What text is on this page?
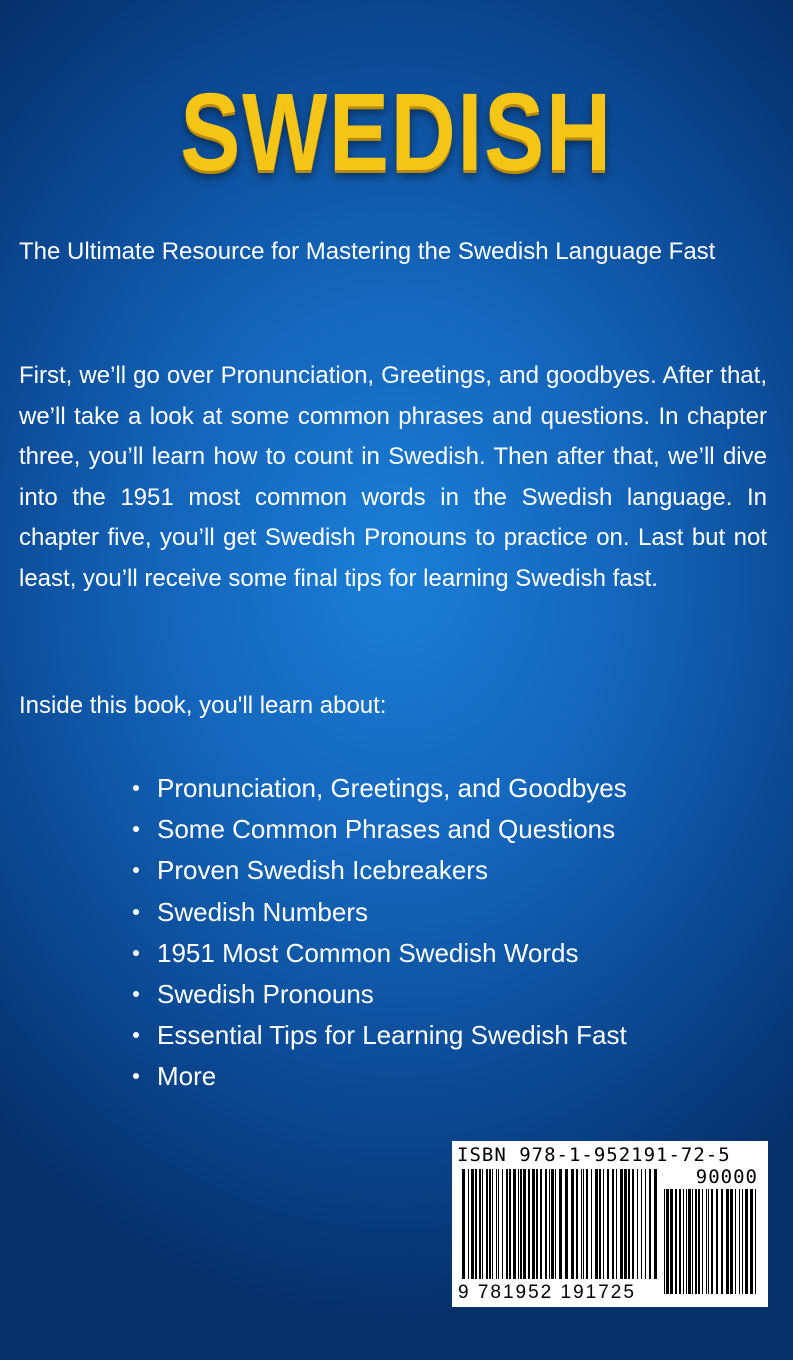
SWEDISH
The Ultimate Resource for Mastering the Swedish Language Fast
First, we’ll go over Pronunciation, Greetings, and goodbyes. After that, we’ll take a look at some common phrases and questions. In chapter three, you’ll learn how to count in Swedish. Then after that, we’ll dive into the 1951 most common words in the Swedish language. In chapter five, you’ll get Swedish Pronouns to practice on. Last but not least, you’ll receive some final tips for learning Swedish fast.
Inside this book, you'll learn about:
Pronunciation, Greetings, and Goodbyes
Some Common Phrases and Questions
Proven Swedish Icebreakers
Swedish Numbers
1951 Most Common Swedish Words
Swedish Pronouns
Essential Tips for Learning Swedish Fast
More
ISBN 978-1-952191-72-5
90000
9 781952 191725
